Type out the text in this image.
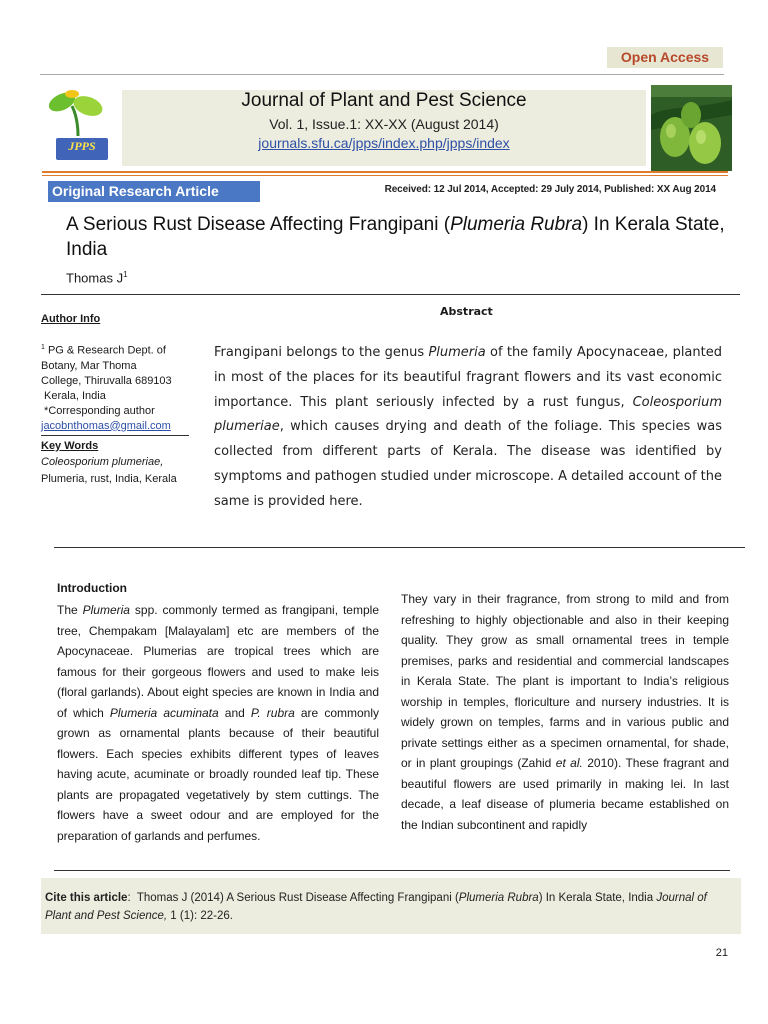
Open Access
Journal of Plant and Pest Science
Vol. 1, Issue.1: XX-XX (August 2014)
journals.sfu.ca/jpps/index.php/jpps/index
JPPS
Original Research Article	Received: 12 Jul 2014, Accepted: 29 July 2014, Published: XX Aug 2014
A Serious Rust Disease Affecting Frangipani (Plumeria Rubra) In Kerala State, India
Thomas $J^1$
Abstract
Frangipani belongs to the genus Plumeria of the family Apocynaceae, planted in most of the places for its beautiful fragrant flowers and its vast economic importance. This plant seriously infected by a rust fungus, Coleosporium plumeriae, which causes drying and death of the foliage. This species was collected from different parts of Kerala. The disease was identified by symptoms and pathogen studied under microscope. A detailed account of the same is provided here.
Author Info
$^1$ PG & Research Dept. of
Botany, Mar Thoma
College, Thiruvalla 689103
Kerala, India
*Corresponding author
jacobnthomas@gmail.com
Key Words
Coleosporium plumeriae,
Plumeria, rust, India, Kerala
Introduction
The Plumeria spp. commonly termed as frangipani, temple tree, Chempakam [Malayalam] etc are members of the Apocynaceae. Plumerias are tropical trees which are famous for their gorgeous flowers and used to make leis (floral garlands). About eight species are known in India and of which Plumeria acuminata and P. rubra are commonly grown as ornamental plants because of their beautiful flowers. Each species exhibits different types of leaves having acute, acuminate or broadly rounded leaf tip. These plants are propagated vegetatively by stem cuttings. The flowers have a sweet odour and are employed for the preparation of garlands and perfumes.
They vary in their fragrance, from strong to mild and from refreshing to highly objectionable and also in their keeping quality. They grow as small ornamental trees in temple premises, parks and residential and commercial landscapes in Kerala State. The plant is important to India’s religious worship in temples, floriculture and nursery industries. It is widely grown on temples, farms and in various public and private settings either as a specimen ornamental, for shade, or in plant groupings (Zahid et al. 2010). These fragrant and beautiful flowers are used primarily in making lei. In last decade, a leaf disease of plumeria became established on the Indian subcontinent and rapidly
Cite this article:  Thomas J (2014) A Serious Rust Disease Affecting Frangipani (Plumeria Rubra) In Kerala State, India Journal of Plant and Pest Science, 1 (1): 22-26.
21
